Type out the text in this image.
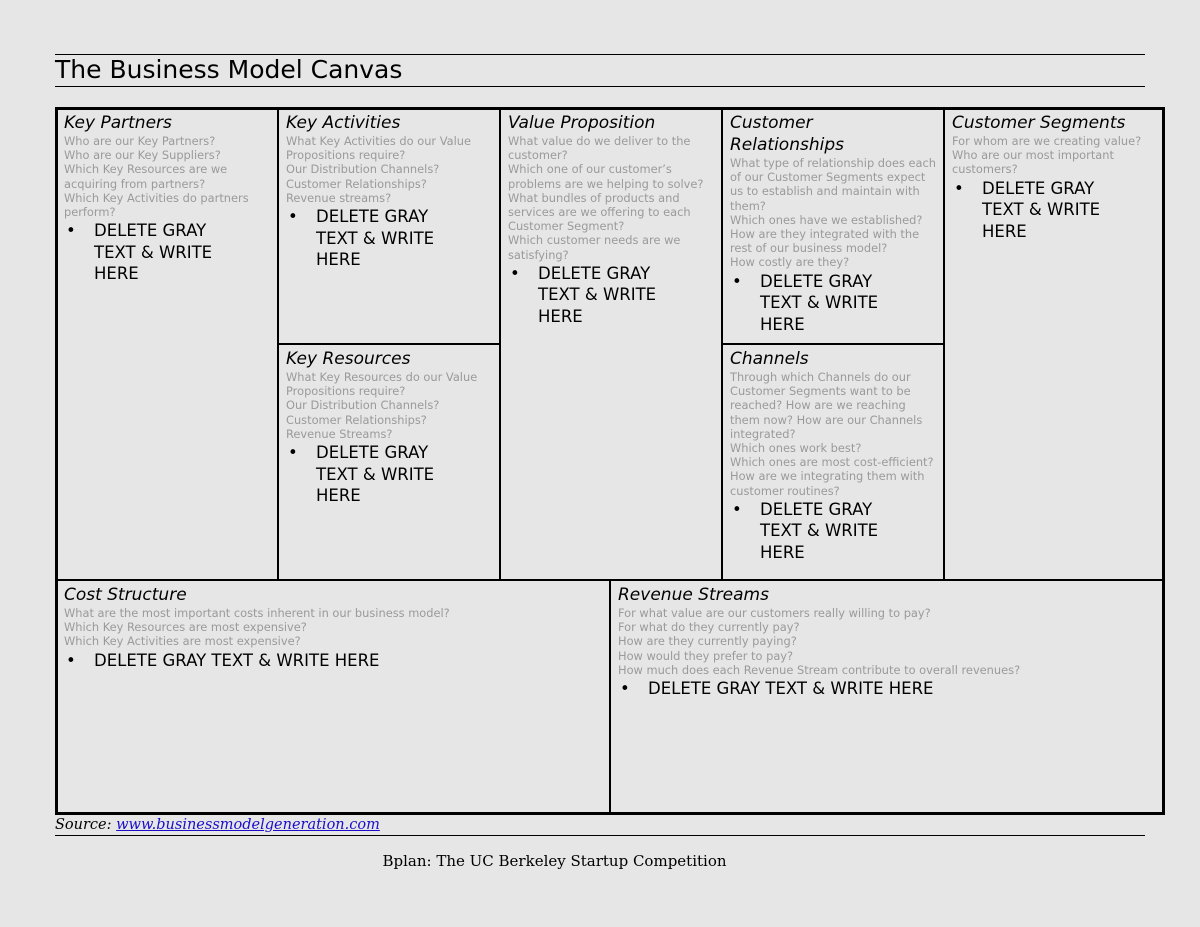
The Business Model Canvas
Key Partners
Who are our Key Partners?
Who are our Key Suppliers?
Which Key Resources are we acquiring from partners?
Which Key Activities do partners perform?
•	DELETE GRAY
TEXT & WRITE
HERE
Key Activities
What Key Activities do our Value Propositions require?
Our Distribution Channels?
Customer Relationships?
Revenue streams?
•	DELETE GRAY
TEXT & WRITE
HERE
Key Resources
What Key Resources do our Value Propositions require?
Our Distribution Channels?
Customer Relationships?
Revenue Streams?
•	DELETE GRAY
TEXT & WRITE
HERE
Value Proposition
What value do we deliver to the customer?
Which one of our customer’s problems are we helping to solve?
What bundles of products and services are we offering to each Customer Segment?
Which customer needs are we satisfying?
•	DELETE GRAY
TEXT & WRITE
HERE
Customer Relationships
What type of relationship does each of our Customer Segments expect us to establish and maintain with them?
Which ones have we established?
How are they integrated with the rest of our business model?
How costly are they?
•	DELETE GRAY
TEXT & WRITE
HERE
Channels
Through which Channels do our Customer Segments want to be reached? How are we reaching them now? How are our Channels integrated?
Which ones work best?
Which ones are most cost-efficient?
How are we integrating them with customer routines?
•	DELETE GRAY
TEXT & WRITE
HERE
Customer Segments
For whom are we creating value?
Who are our most important customers?
•	DELETE GRAY
TEXT & WRITE
HERE
Cost Structure
What are the most important costs inherent in our business model?
Which Key Resources are most expensive?
Which Key Activities are most expensive?
•	DELETE GRAY TEXT & WRITE HERE
Revenue Streams
For what value are our customers really willing to pay?
For what do they currently pay?
How are they currently paying?
How would they prefer to pay?
How much does each Revenue Stream contribute to overall revenues?
•	DELETE GRAY TEXT & WRITE HERE
Source: www.businessmodelgeneration.com
Bplan: The UC Berkeley Startup Competition
